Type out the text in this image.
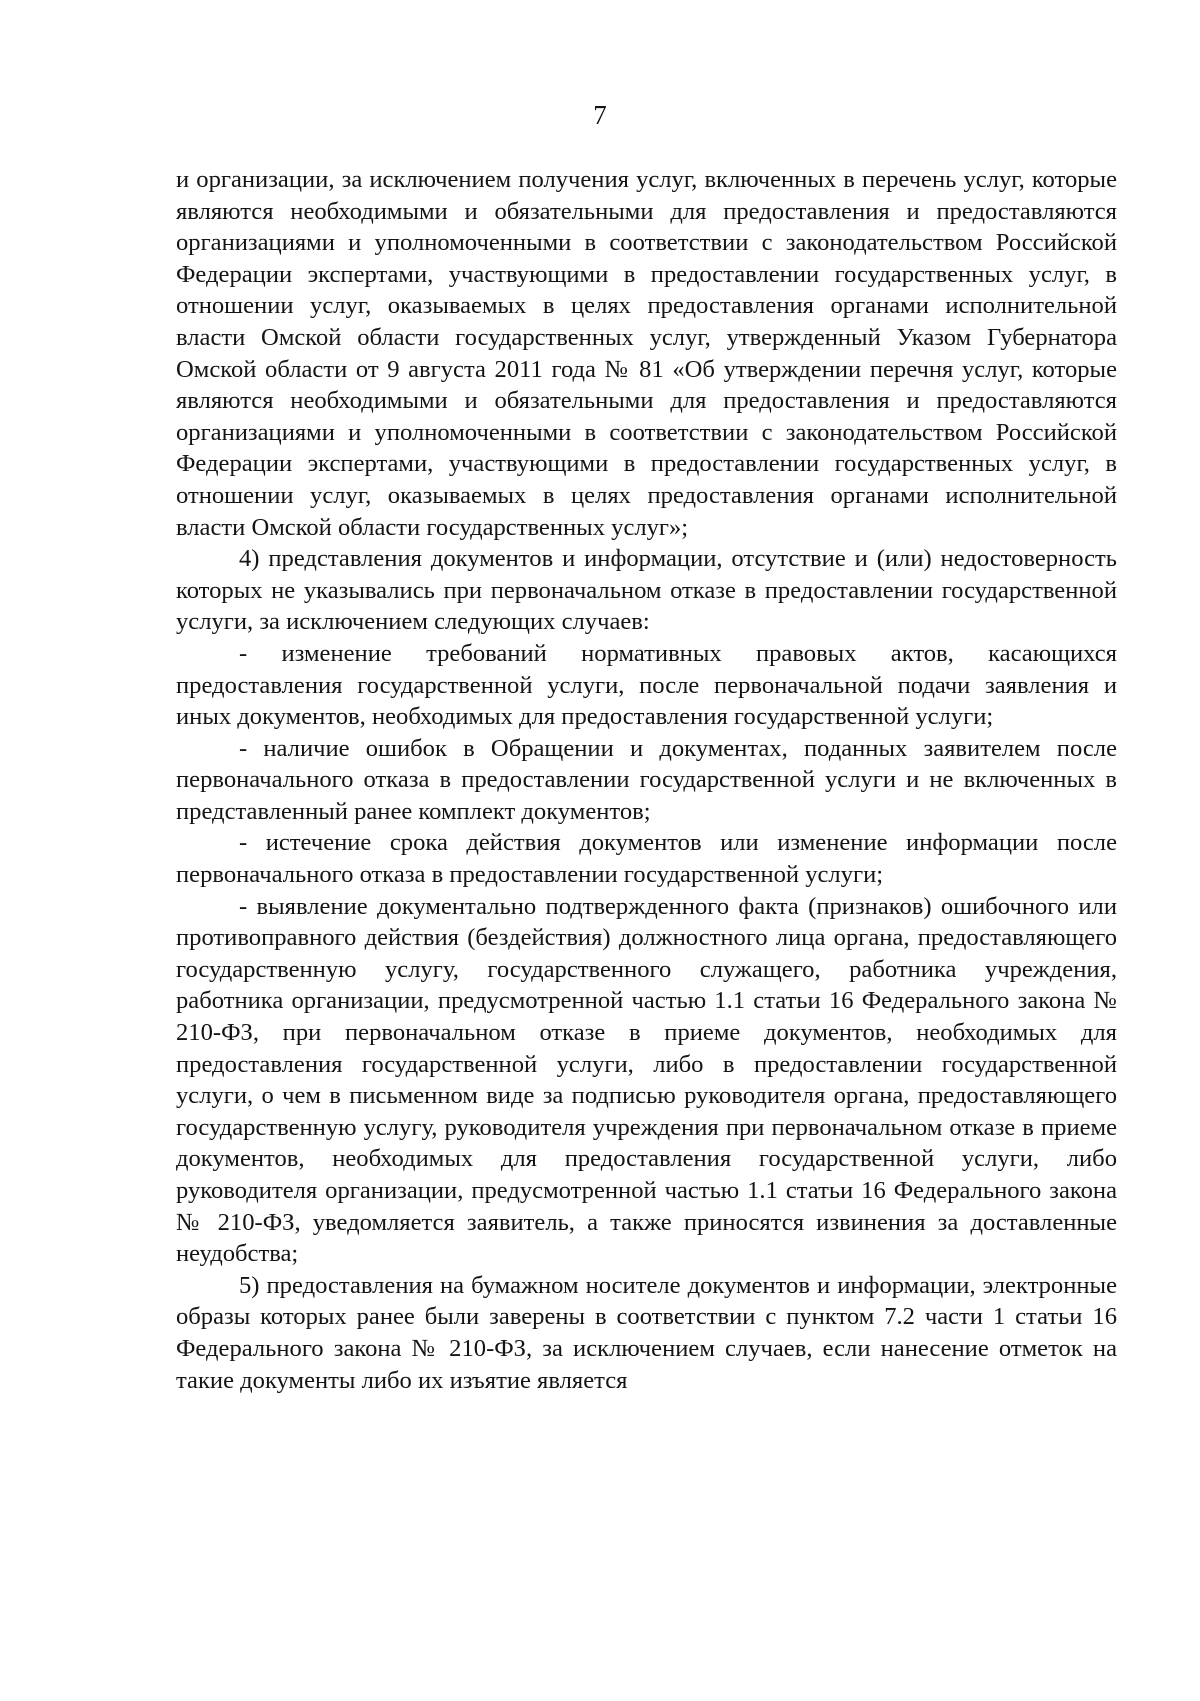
7

и организации, за исключением получения услуг, включенных в перечень услуг, которые являются необходимыми и обязательными для предоставления и предоставляются организациями и уполномоченными в соответствии с законодательством Российской Федерации экспертами, участвующими в предоставлении государственных услуг, в отношении услуг, оказываемых в целях предоставления органами исполнительной власти Омской области государственных услуг, утвержденный Указом Губернатора Омской области от 9 августа 2011 года № 81 «Об утверждении перечня услуг, которые являются необходимыми и обязательными для предоставления и предоставляются организациями и уполномоченными в соответствии с законодательством Российской Федерации экспертами, участвующими в предоставлении государственных услуг, в отношении услуг, оказываемых в целях предоставления органами исполнительной власти Омской области государственных услуг»;

4) представления документов и информации, отсутствие и (или) недостоверность которых не указывались при первоначальном отказе в предоставлении государственной услуги, за исключением следующих случаев:

- изменение требований нормативных правовых актов, касающихся предоставления государственной услуги, после первоначальной подачи заявления и иных документов, необходимых для предоставления государственной услуги;

- наличие ошибок в Обращении и документах, поданных заявителем после первоначального отказа в предоставлении государственной услуги и не включенных в представленный ранее комплект документов;

- истечение срока действия документов или изменение информации после первоначального отказа в предоставлении государственной услуги;

- выявление документально подтвержденного факта (признаков) ошибочного или противоправного действия (бездействия) должностного лица органа, предоставляющего государственную услугу, государственного служащего, работника учреждения, работника организации, предусмотренной частью 1.1 статьи 16 Федерального закона № 210-ФЗ, при первоначальном отказе в приеме документов, необходимых для предоставления государственной услуги, либо в предоставлении государственной услуги, о чем в письменном виде за подписью руководителя органа, предоставляющего государственную услугу, руководителя учреждения при первоначальном отказе в приеме документов, необходимых для предоставления государственной услуги, либо руководителя организации, предусмотренной частью 1.1 статьи 16 Федерального закона № 210-ФЗ, уведомляется заявитель, а также приносятся извинения за доставленные неудобства;

5) предоставления на бумажном носителе документов и информации, электронные образы которых ранее были заверены в соответствии с пунктом 7.2 части 1 статьи 16 Федерального закона № 210-ФЗ, за исключением случаев, если нанесение отметок на такие документы либо их изъятие является
